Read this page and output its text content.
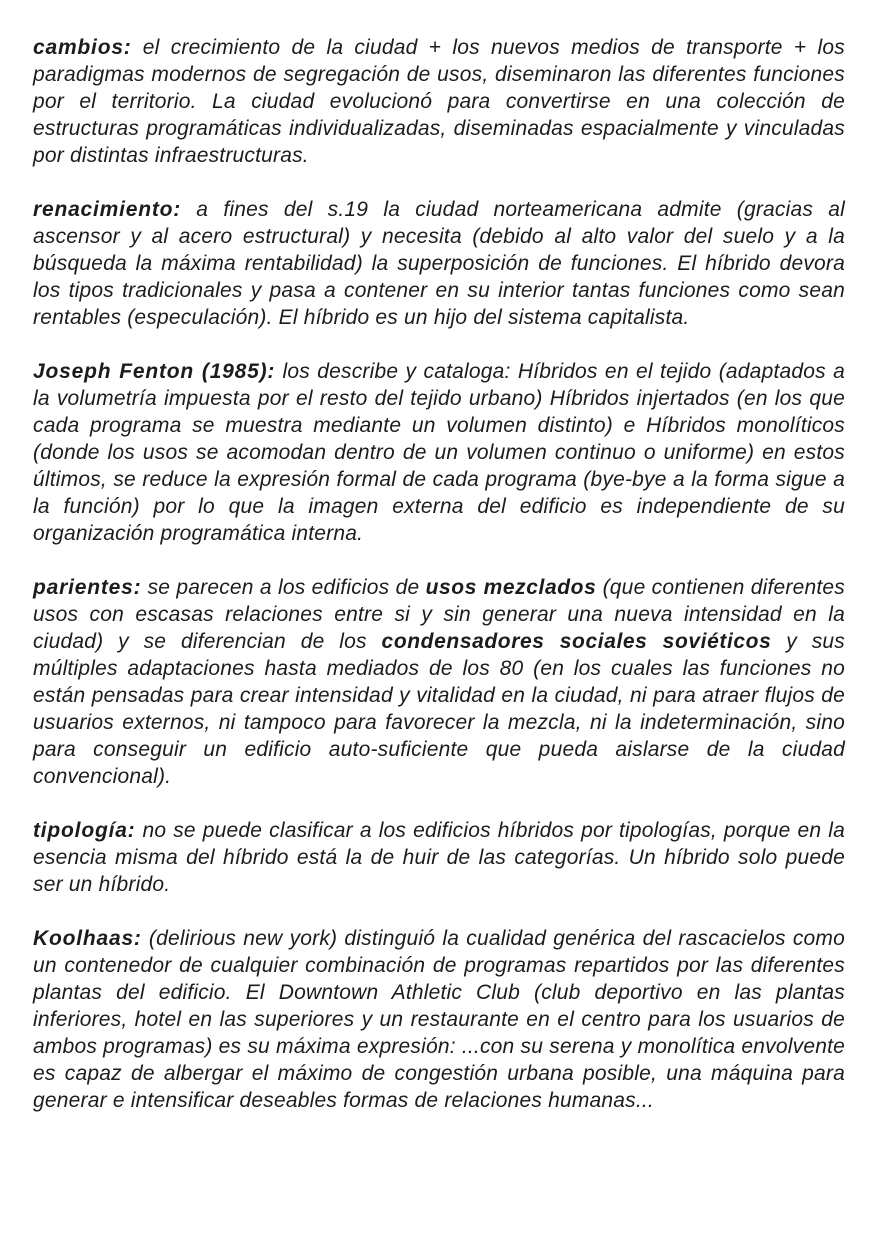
cambios: el crecimiento de la ciudad + los nuevos medios de transporte + los paradigmas modernos de segregación de usos, diseminaron las diferentes funciones por el territorio. La ciudad evolucionó para convertirse en una colección de estructuras programáticas individualizadas, diseminadas espacialmente y vinculadas por distintas infraestructuras.

renacimiento: a fines del s.19 la ciudad norteamericana admite (gracias al ascensor y al acero estructural) y necesita (debido al alto valor del suelo y a la búsqueda la máxima rentabilidad) la superposición de funciones. El híbrido devora los tipos tradicionales y pasa a contener en su interior tantas funciones como sean rentables (especulación). El híbrido es un hijo del sistema capitalista.

Joseph Fenton (1985): los describe y cataloga: Híbridos en el tejido (adaptados a la volumetría impuesta por el resto del tejido urbano) Híbridos injertados (en los que cada programa se muestra mediante un volumen distinto) e Híbridos monolíticos (donde los usos se acomodan dentro de un volumen continuo o uniforme) en estos últimos, se reduce la expresión formal de cada programa (bye-bye a la forma sigue a la función) por lo que la imagen externa del edificio es independiente de su organización programática interna.

parientes: se parecen a los edificios de usos mezclados (que contienen diferentes usos con escasas relaciones entre si y sin generar una nueva intensidad en la ciudad) y se diferencian de los condensadores sociales soviéticos y sus múltiples adaptaciones hasta mediados de los 80 (en los cuales las funciones no están pensadas para crear intensidad y vitalidad en la ciudad, ni para atraer flujos de usuarios externos, ni tampoco para favorecer la mezcla, ni la indeterminación, sino para conseguir un edificio auto-suficiente que pueda aislarse de la ciudad convencional).

tipología: no se puede clasificar a los edificios híbridos por tipologías, porque en la esencia misma del híbrido está la de huir de las categorías. Un híbrido solo puede ser un híbrido.

Koolhaas: (delirious new york) distinguió la cualidad genérica del rascacielos como un contenedor de cualquier combinación de programas repartidos por las diferentes plantas del edificio. El Downtown Athletic Club (club deportivo en las plantas inferiores, hotel en las superiores y un restaurante en el centro para los usuarios de ambos programas) es su máxima expresión: ...con su serena y monolítica envolvente es capaz de albergar el máximo de congestión urbana posible, una máquina para generar e intensificar deseables formas de relaciones humanas...
